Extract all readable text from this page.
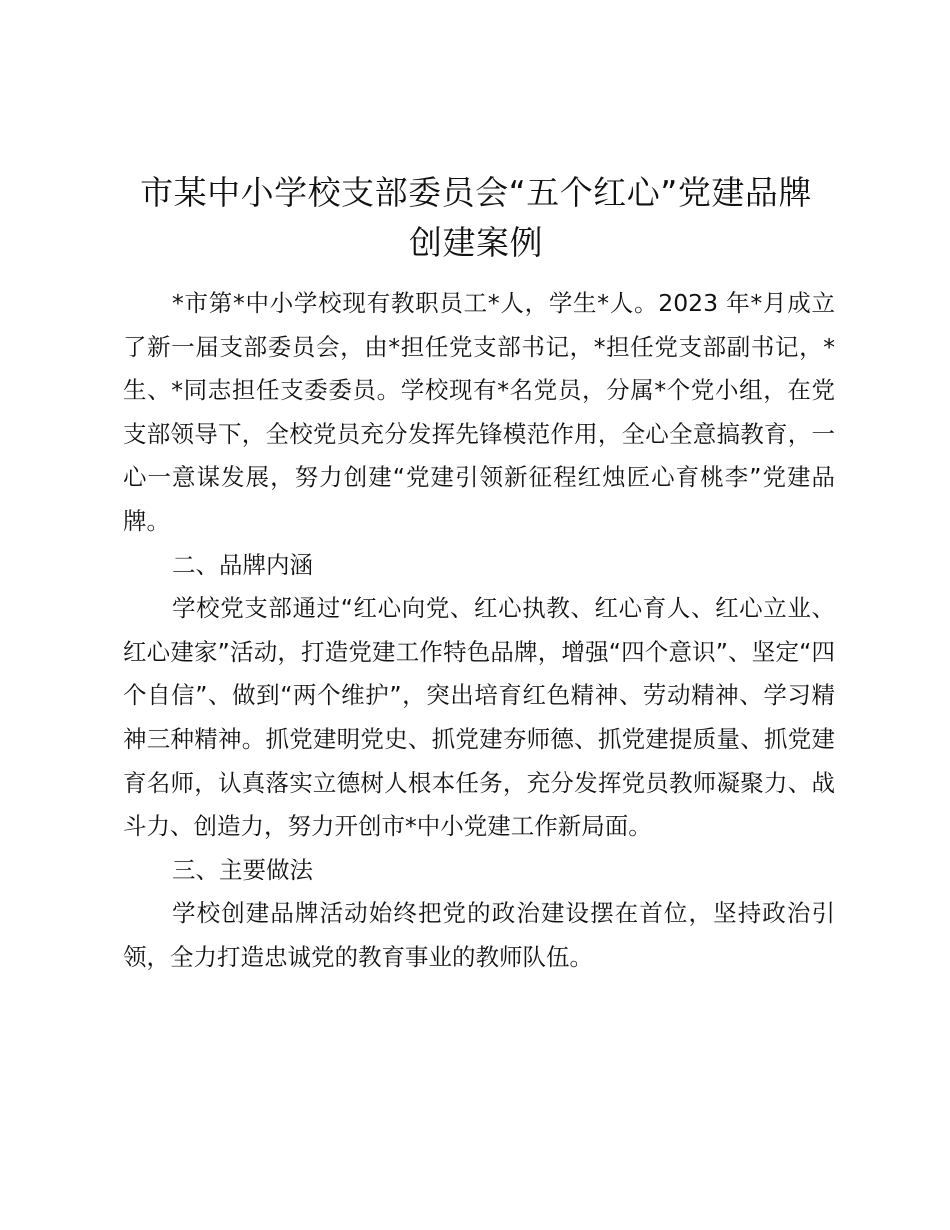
市某中小学校支部委员会“五个红心”党建品牌
创建案例

*市第*中小学校现有教职员工*人，学生*人。2023 年*月成立了新一届支部委员会，由*担任党支部书记，*担任党支部副书记，*生、*同志担任支委委员。学校现有*名党员，分属*个党小组，在党支部领导下，全校党员充分发挥先锋模范作用，全心全意搞教育，一心一意谋发展，努力创建“党建引领新征程红烛匠心育桃李”党建品牌。

二、品牌内涵

学校党支部通过“红心向党、红心执教、红心育人、红心立业、红心建家”活动，打造党建工作特色品牌，增强“四个意识”、坚定“四个自信”、做到“两个维护”，突出培育红色精神、劳动精神、学习精神三种精神。抓党建明党史、抓党建夯师德、抓党建提质量、抓党建育名师，认真落实立德树人根本任务，充分发挥党员教师凝聚力、战斗力、创造力，努力开创市*中小党建工作新局面。

三、主要做法

学校创建品牌活动始终把党的政治建设摆在首位，坚持政治引领，全力打造忠诚党的教育事业的教师队伍。
